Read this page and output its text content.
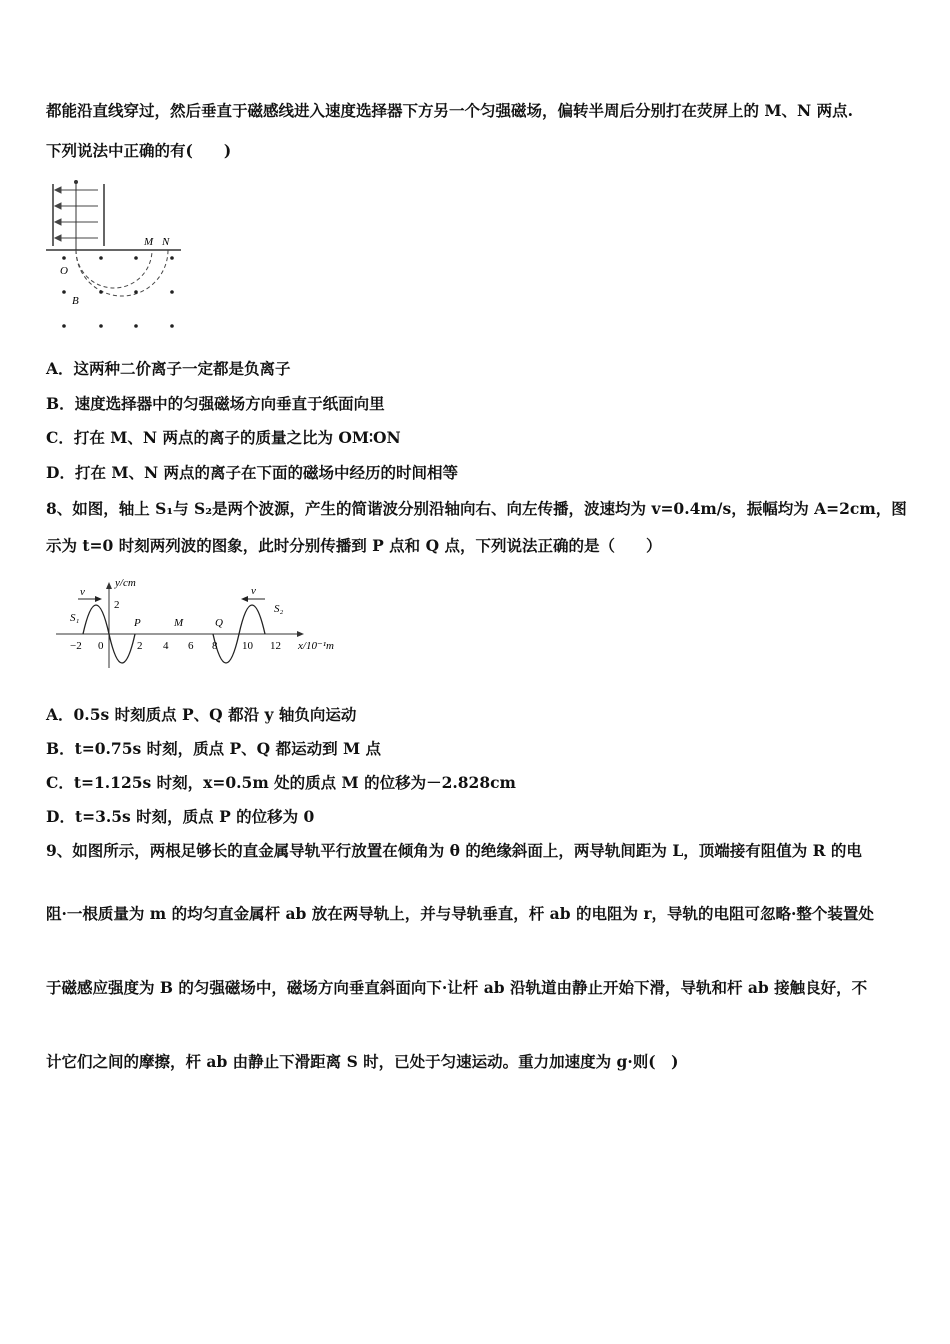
都能沿直线穿过，然后垂直于磁感线进入速度选择器下方另一个匀强磁场，偏转半周后分别打在荧屏上的 M、N 两点.
下列说法中正确的有(　　)
M N
O
B
A．这两种二价离子一定都是负离子
B．速度选择器中的匀强磁场方向垂直于纸面向里
C．打在 M、N 两点的离子的质量之比为 OM∶ON
D．打在 M、N 两点的离子在下面的磁场中经历的时间相等
8、如图，轴上 S₁与 S₂是两个波源，产生的简谐波分别沿轴向右、向左传播，波速均为 v=0.4m/s，振幅均为 A=2cm，图
示为 t=0 时刻两列波的图象，此时分别传播到 P 点和 Q 点，下列说法正确的是（　　）
y/cm
2
v	v
S₁
S₂
P	M	Q
−2 0	2 4 6 8 10 12 x/10⁻¹m
A．0.5s 时刻质点 P、Q 都沿 y 轴负向运动
B．t=0.75s 时刻，质点 P、Q 都运动到 M 点
C．t=1.125s 时刻，x=0.5m 处的质点 M 的位移为－2.828cm
D．t=3.5s 时刻，质点 P 的位移为 0
9、如图所示，两根足够长的直金属导轨平行放置在倾角为 θ 的绝缘斜面上，两导轨间距为 L，顶端接有阻值为 R 的电
阻·一根质量为 m 的均匀直金属杆 ab 放在两导轨上，并与导轨垂直，杆 ab 的电阻为 r，导轨的电阻可忽略·整个装置处
于磁感应强度为 B 的匀强磁场中，磁场方向垂直斜面向下·让杆 ab 沿轨道由静止开始下滑，导轨和杆 ab 接触良好，不
计它们之间的摩擦，杆 ab 由静止下滑距离 S 时，已处于匀速运动。重力加速度为 g·则(　)
